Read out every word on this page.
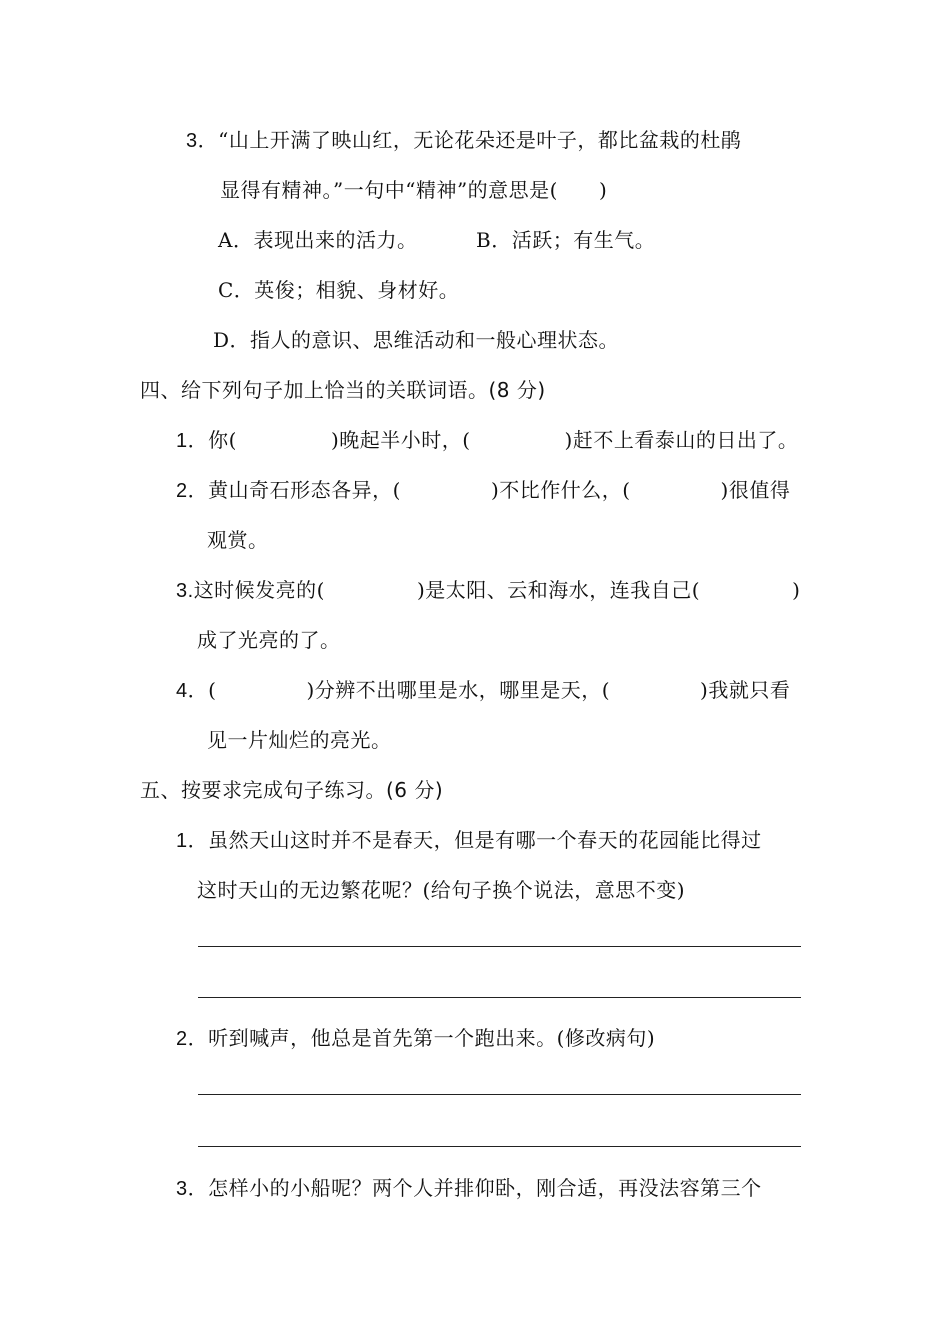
3．“山上开满了映山红，无论花朵还是叶子，都比盆栽的杜鹃
显得有精神。”一句中“精神”的意思是(　　)
A．表现出来的活力。	B．活跃；有生气。
C．英俊；相貌、身材好。
D．指人的意识、思维活动和一般心理状态。
四、给下列句子加上恰当的关联词语。(8 分)
1．你(	)晚起半小时，(	)赶不上看泰山的日出了。
2．黄山奇石形态各异，(	)不比作什么，(	)很值得
观赏。
3.这时候发亮的(	)是太阳、云和海水，连我自己(	)
成了光亮的了。
4．(	)分辨不出哪里是水，哪里是天，(	)我就只看
见一片灿烂的亮光。
五、按要求完成句子练习。(6 分)
1．虽然天山这时并不是春天，但是有哪一个春天的花园能比得过
这时天山的无边繁花呢？(给句子换个说法，意思不变)
2．听到喊声，他总是首先第一个跑出来。(修改病句)
3．怎样小的小船呢？两个人并排仰卧，刚合适，再没法容第三个
